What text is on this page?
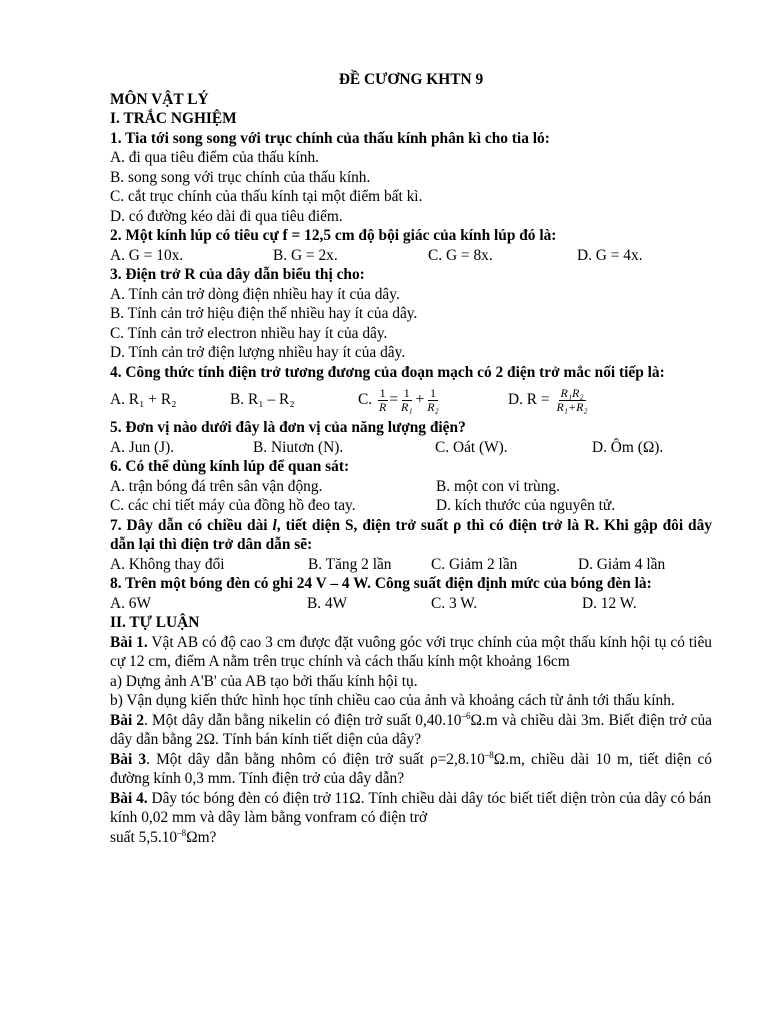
ĐỀ CƯƠNG KHTN 9
MÔN VẬT LÝ
I. TRẮC NGHIỆM
1. Tia tới song song với trục chính của thấu kính phân kì cho tia ló:
A. đi qua tiêu điểm của thấu kính.
B. song song với trục chính của thấu kính.
C. cắt trục chính của thấu kính tại một điểm bất kì.
D. có đường kéo dài đi qua tiêu điểm.
2. Một kính lúp có tiêu cự f = 12,5 cm độ bội giác của kính lúp đó là:
A. G = 10x.	B. G = 2x.	C. G = 8x.	D. G = 4x.
3. Điện trở R của dây dẫn biểu thị cho:
A. Tính cản trở dòng điện nhiều hay ít của dây.
B. Tính cản trở hiệu điện thế nhiều hay ít của dây.
C. Tính cản trở electron nhiều hay ít của dây.
D. Tính cản trở điện lượng nhiều hay ít của dây.
4. Công thức tính điện trở tương đương của đoạn mạch có 2 điện trở mắc nối tiếp là:
A. R₁ + R₂	B. R₁ – R₂	C.
$\frac{1}{R} = \frac{1}{\text{R₁}} + \frac{1}{\text{R₂}}$	D. R =
$\frac{\text{R₁R₂}}{\text{R₁+R₂}}$
5. Đơn vị nào dưới đây là đơn vị của năng lượng điện?
A. Jun (J).	B. Niutơn (N).	C. Oát (W).	D. Ôm (Ω).
6. Có thể dùng kính lúp để quan sát:
A. trận bóng đá trên sân vận động.	B. một con vi trùng.
C. các chi tiết máy của đồng hồ đeo tay.	D. kích thước của nguyên tử.
7. Dây dẫn có chiều dài l, tiết diện S, điện trở suất ρ thì có điện trở là R. Khi gập đôi dây dẫn lại thì điện trở dân dẫn sẽ:
A. Không thay đổi	B. Tăng 2 lần	C. Giảm 2 lần	D. Giảm 4 lần
8. Trên một bóng đèn có ghi 24 V – 4 W. Công suất điện định mức của bóng đèn là:
A. 6W	B. 4W	C. 3 W.	D. 12 W.
II. TỰ LUẬN
Bài 1. Vật AB có độ cao 3 cm được đặt vuông góc với trục chính của một thấu kính hội tụ có tiêu cự 12 cm, điểm A nằm trên trục chính và cách thấu kính một khoảng 16cm
a) Dựng ảnh A'B' của AB tạo bởi thấu kính hội tụ.
b) Vận dụng kiến thức hình học tính chiều cao của ảnh và khoảng cách từ ảnh tới thấu kính.
Bài 2. Một dây dẫn bằng nikelin có điện trở suất $0,40.10^{-6}\Omega.m$ và chiều dài 3m. Biết điện trở của dây dẫn bằng 2Ω. Tính bán kính tiết diện của dây?
Bài 3. Một dây dẫn bằng nhôm có điện trở suất $\rho=2,8.10^{-8}\Omega.m$, chiều dài 10 m, tiết diện có đường kính 0,3 mm. Tính điện trở của dây dẫn?
Bài 4. Dây tóc bóng đèn có điện trở 11Ω. Tính chiều dài dây tóc biết tiết diện tròn của dây có bán kính 0,02 mm và dây làm bằng vonfram có điện trở
suất $5,5.10^{-8}\Omega m$?
